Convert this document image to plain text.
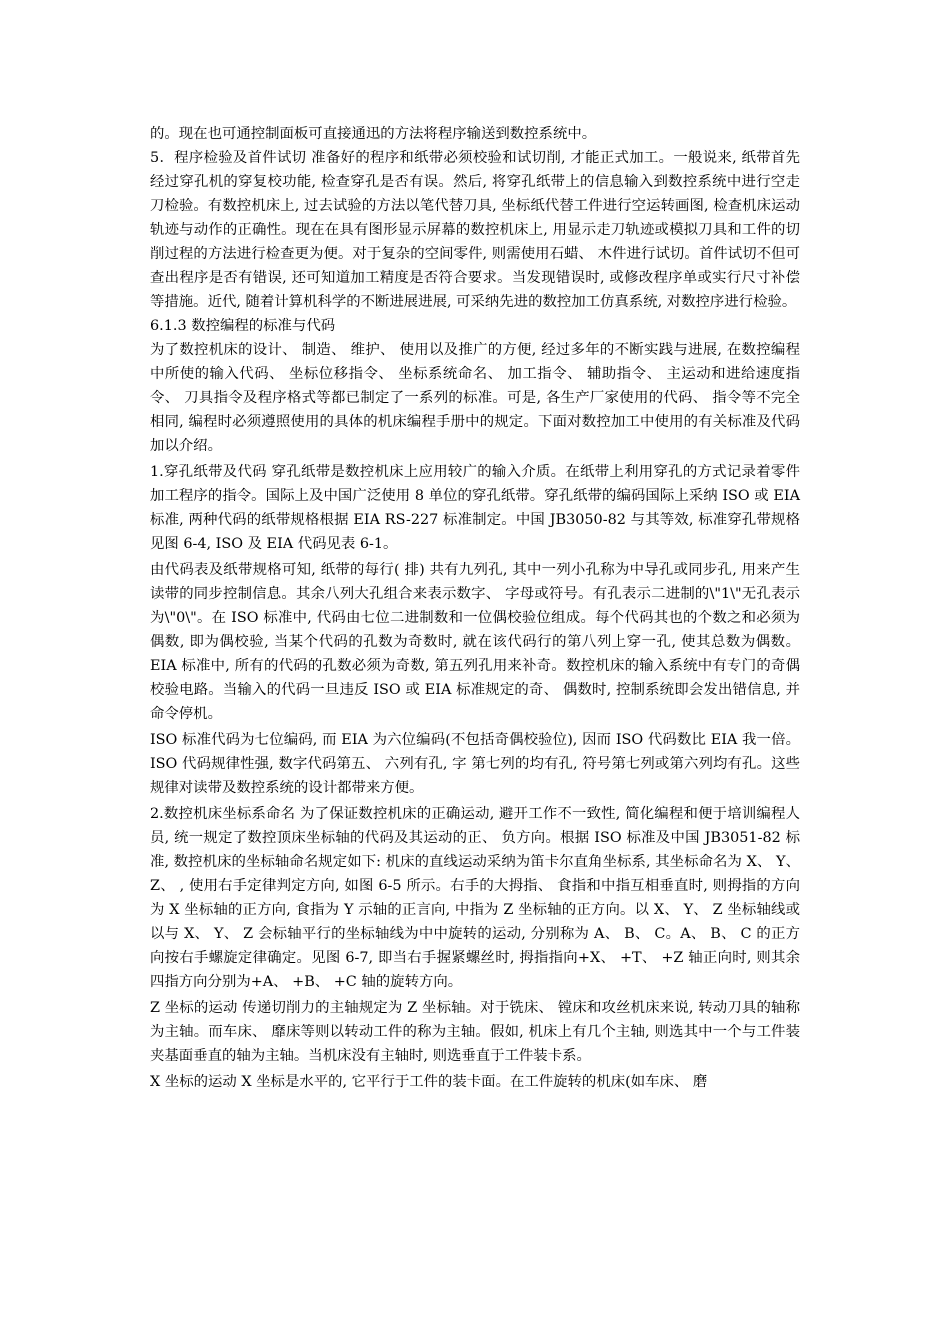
的。现在也可通控制面板可直接通迅的方法将程序输送到数控系统中。

5．程序检验及首件试切 准备好的程序和纸带必须校验和试切削, 才能正式加工。一般说来, 纸带首先经过穿孔机的穿复校功能, 检查穿孔是否有误。然后, 将穿孔纸带上的信息输入到数控系统中进行空走刀检验。有数控机床上, 过去试验的方法以笔代替刀具, 坐标纸代替工件进行空运转画图, 检查机床运动轨迹与动作的正确性。现在在具有图形显示屏幕的数控机床上, 用显示走刀轨迹或模拟刀具和工件的切削过程的方法进行检查更为便。对于复杂的空间零件, 则需使用石蜡、 木件进行试切。首件试切不但可查出程序是否有错误, 还可知道加工精度是否符合要求。当发现错误时, 或修改程序单或实行尺寸补偿等措施。近代, 随着计算机科学的不断进展进展, 可采纳先进的数控加工仿真系统, 对数控序进行检验。

6.1.3 数控编程的标准与代码

为了数控机床的设计、 制造、 维护、 使用以及推广的方便, 经过多年的不断实践与进展, 在数控编程中所使的输入代码、 坐标位移指令、 坐标系统命名、 加工指令、 辅助指令、 主运动和进给速度指令、 刀具指令及程序格式等都已制定了一系列的标准。可是, 各生产厂家使用的代码、 指令等不完全相同, 编程时必须遵照使用的具体的机床编程手册中的规定。下面对数控加工中使用的有关标准及代码加以介绍。

1.穿孔纸带及代码 穿孔纸带是数控机床上应用较广的输入介质。在纸带上利用穿孔的方式记录着零件加工程序的指令。国际上及中国广泛使用 8 单位的穿孔纸带。穿孔纸带的编码国际上采纳 ISO 或 EIA 标准, 两种代码的纸带规格根据 EIA RS-227 标准制定。中国 JB3050-82 与其等效, 标准穿孔带规格见图 6-4, ISO 及 EIA 代码见表 6-1。

由代码表及纸带规格可知, 纸带的每行( 排) 共有九列孔, 其中一列小孔称为中导孔或同步孔, 用来产生读带的同步控制信息。其余八列大孔组合来表示数字、 字母或符号。有孔表示二进制的\"1\"无孔表示为\"0\"。在 ISO 标准中, 代码由七位二进制数和一位偶校验位组成。每个代码其也的个数之和必须为偶数, 即为偶校验, 当某个代码的孔数为奇数时, 就在该代码行的第八列上穿一孔, 使其总数为偶数。EIA 标准中, 所有的代码的孔数必须为奇数, 第五列孔用来补奇。数控机床的输入系统中有专门的奇偶校验电路。当输入的代码一旦违反 ISO 或 EIA 标准规定的奇、 偶数时, 控制系统即会发出错信息, 并命令停机。

ISO 标准代码为七位编码, 而 EIA 为六位编码(不包括奇偶校验位), 因而 ISO 代码数比 EIA 我一倍。ISO 代码规律性强, 数字代码第五、 六列有孔, 字 第七列的均有孔, 符号第七列或第六列均有孔。这些规律对读带及数控系统的设计都带来方便。

2.数控机床坐标系命名 为了保证数控机床的正确运动, 避开工作不一致性, 简化编程和便于培训编程人员, 统一规定了数控顶床坐标轴的代码及其运动的正、 负方向。根据 ISO 标准及中国 JB3051-82 标准, 数控机床的坐标轴命名规定如下: 机床的直线运动采纳为笛卡尔直角坐标系, 其坐标命名为 X、 Y、 Z、 , 使用右手定律判定方向, 如图 6-5 所示。右手的大拇指、 食指和中指互相垂直时, 则拇指的方向为 X 坐标轴的正方向, 食指为 Y 示轴的正言向, 中指为 Z 坐标轴的正方向。以 X、 Y、 Z 坐标轴线或以与 X、 Y、 Z 会标轴平行的坐标轴线为中中旋转的运动, 分别称为 A、 B、 C。A、 B、 C 的正方向按右手螺旋定律确定。见图 6-7, 即当右手握紧螺丝时, 拇指指向+X、 +T、 +Z 轴正向时, 则其余四指方向分别为+A、 +B、 +C 轴的旋转方向。

Z 坐标的运动 传递切削力的主轴规定为 Z 坐标轴。对于铣床、 镗床和攻丝机床来说, 转动刀具的轴称为主轴。而车床、 靡床等则以转动工件的称为主轴。假如, 机床上有几个主轴, 则选其中一个与工件装夹基面垂直的轴为主轴。当机床没有主轴时, 则选垂直于工件装卡系。

X 坐标的运动 X 坐标是水平的, 它平行于工件的装卡面。在工件旋转的机床(如车床、 磨
